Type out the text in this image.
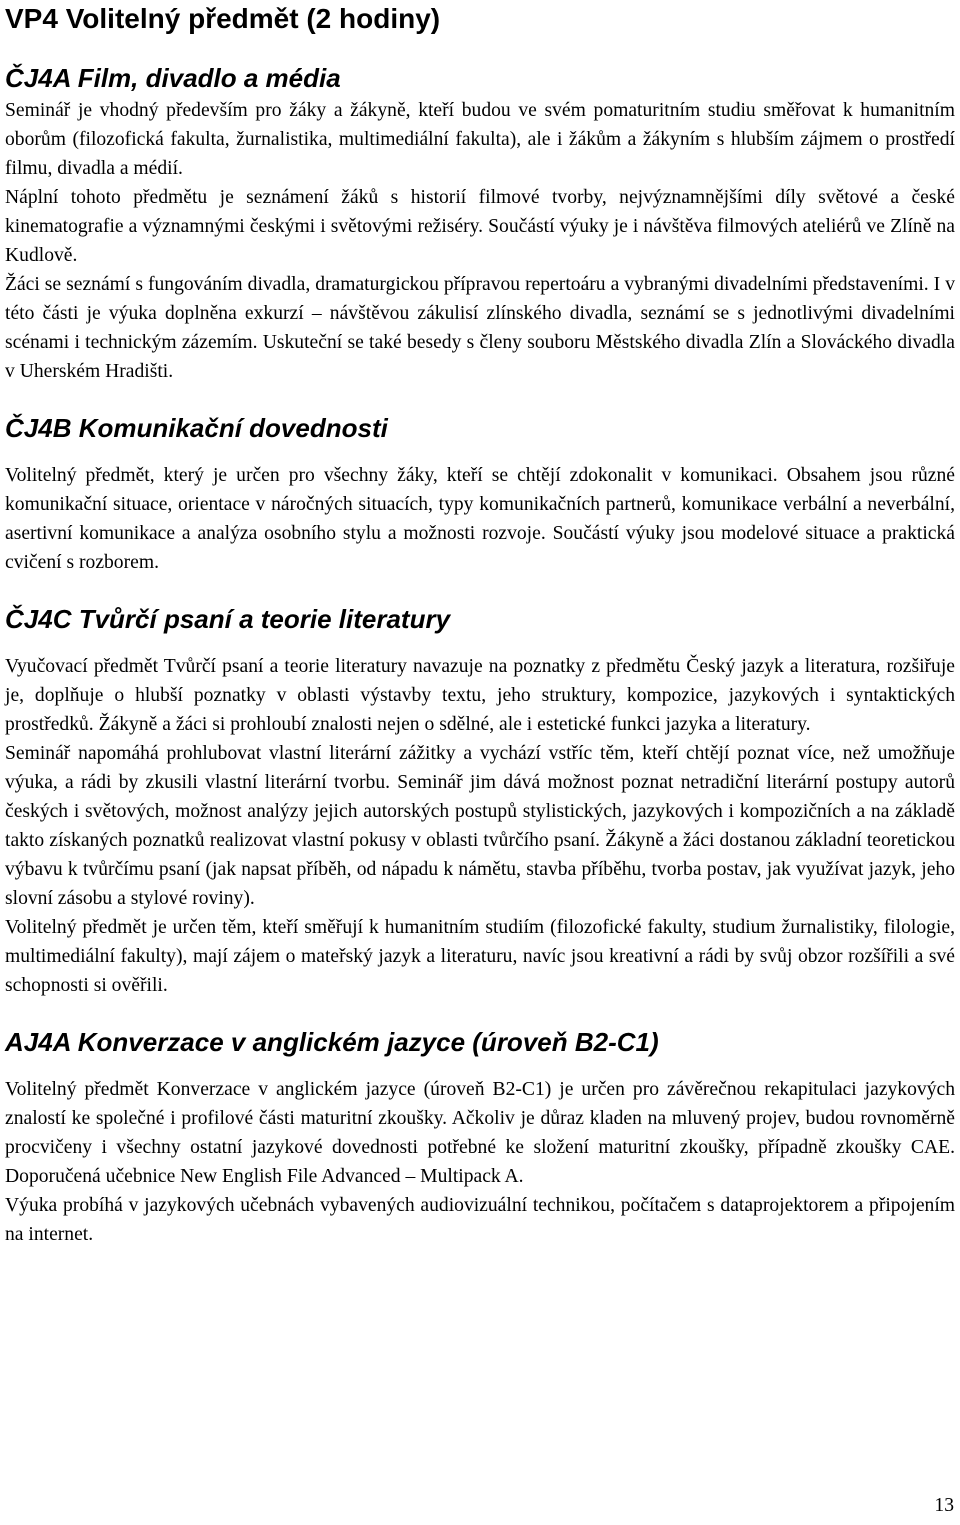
VP4 Volitelný předmět (2 hodiny)
ČJ4A Film, divadlo a média

Seminář je vhodný především pro žáky a žákyně, kteří budou ve svém pomaturitním studiu směřovat k humanitním oborům (filozofická fakulta, žurnalistika, multimediální fakulta), ale i žákům a žákyním s hlubším zájmem o prostředí filmu, divadla a médií.

Náplní tohoto předmětu je seznámení žáků s historií filmové tvorby, nejvýznamnějšími díly světové a české kinematografie a významnými českými i světovými režiséry. Součástí výuky je i návštěva filmových ateliérů ve Zlíně na Kudlově.

Žáci se seznámí s fungováním divadla, dramaturgickou přípravou repertoáru a vybranými divadelními představeními. I v této části je výuka doplněna exkurzí – návštěvou zákulisí zlínského divadla, seznámí se s jednotlivými divadelními scénami i technickým zázemím. Uskuteční se také besedy s členy souboru Městského divadla Zlín a Slováckého divadla v Uherském Hradišti.

ČJ4B Komunikační dovednosti

Volitelný předmět, který je určen pro všechny žáky, kteří se chtějí zdokonalit v komunikaci. Obsahem jsou různé komunikační situace, orientace v náročných situacích, typy komunikačních partnerů, komunikace verbální a neverbální, asertivní komunikace a analýza osobního stylu a možnosti rozvoje. Součástí výuky jsou modelové situace a praktická cvičení s rozborem.

ČJ4C Tvůrčí psaní a teorie literatury

Vyučovací předmět Tvůrčí psaní a teorie literatury navazuje na poznatky z předmětu Český jazyk a literatura, rozšiřuje je, doplňuje o hlubší poznatky v oblasti výstavby textu, jeho struktury, kompozice, jazykových i syntaktických prostředků. Žákyně a žáci si prohloubí znalosti nejen o sdělné, ale i estetické funkci jazyka a literatury.

Seminář napomáhá prohlubovat vlastní literární zážitky a vychází vstříc těm, kteří chtějí poznat více, než umožňuje výuka, a rádi by zkusili vlastní literární tvorbu. Seminář jim dává možnost poznat netradiční literární postupy autorů českých i světových, možnost analýzy jejich autorských postupů stylistických, jazykových i kompozičních a na základě takto získaných poznatků realizovat vlastní pokusy v oblasti tvůrčího psaní. Žákyně a žáci dostanou základní teoretickou výbavu k tvůrčímu psaní (jak napsat příběh, od nápadu k námětu, stavba příběhu, tvorba postav, jak využívat jazyk, jeho slovní zásobu a stylové roviny).

Volitelný předmět je určen těm, kteří směřují k humanitním studiím (filozofické fakulty, studium žurnalistiky, filologie, multimediální fakulty), mají zájem o mateřský jazyk a literaturu, navíc jsou kreativní a rádi by svůj obzor rozšířili a své schopnosti si ověřili.

AJ4A Konverzace v anglickém jazyce (úroveň B2-C1)

Volitelný předmět Konverzace v anglickém jazyce (úroveň B2-C1) je určen pro závěrečnou rekapitulaci jazykových znalostí ke společné i profilové části maturitní zkoušky. Ačkoliv je důraz kladen na mluvený projev, budou rovnoměrně procvičeny i všechny ostatní jazykové dovednosti potřebné ke složení maturitní zkoušky, případně zkoušky CAE. Doporučená učebnice New English File Advanced – Multipack A.

Výuka probíhá v jazykových učebnách vybavených audiovizuální technikou, počítačem s dataprojektorem a připojením na internet.

13
